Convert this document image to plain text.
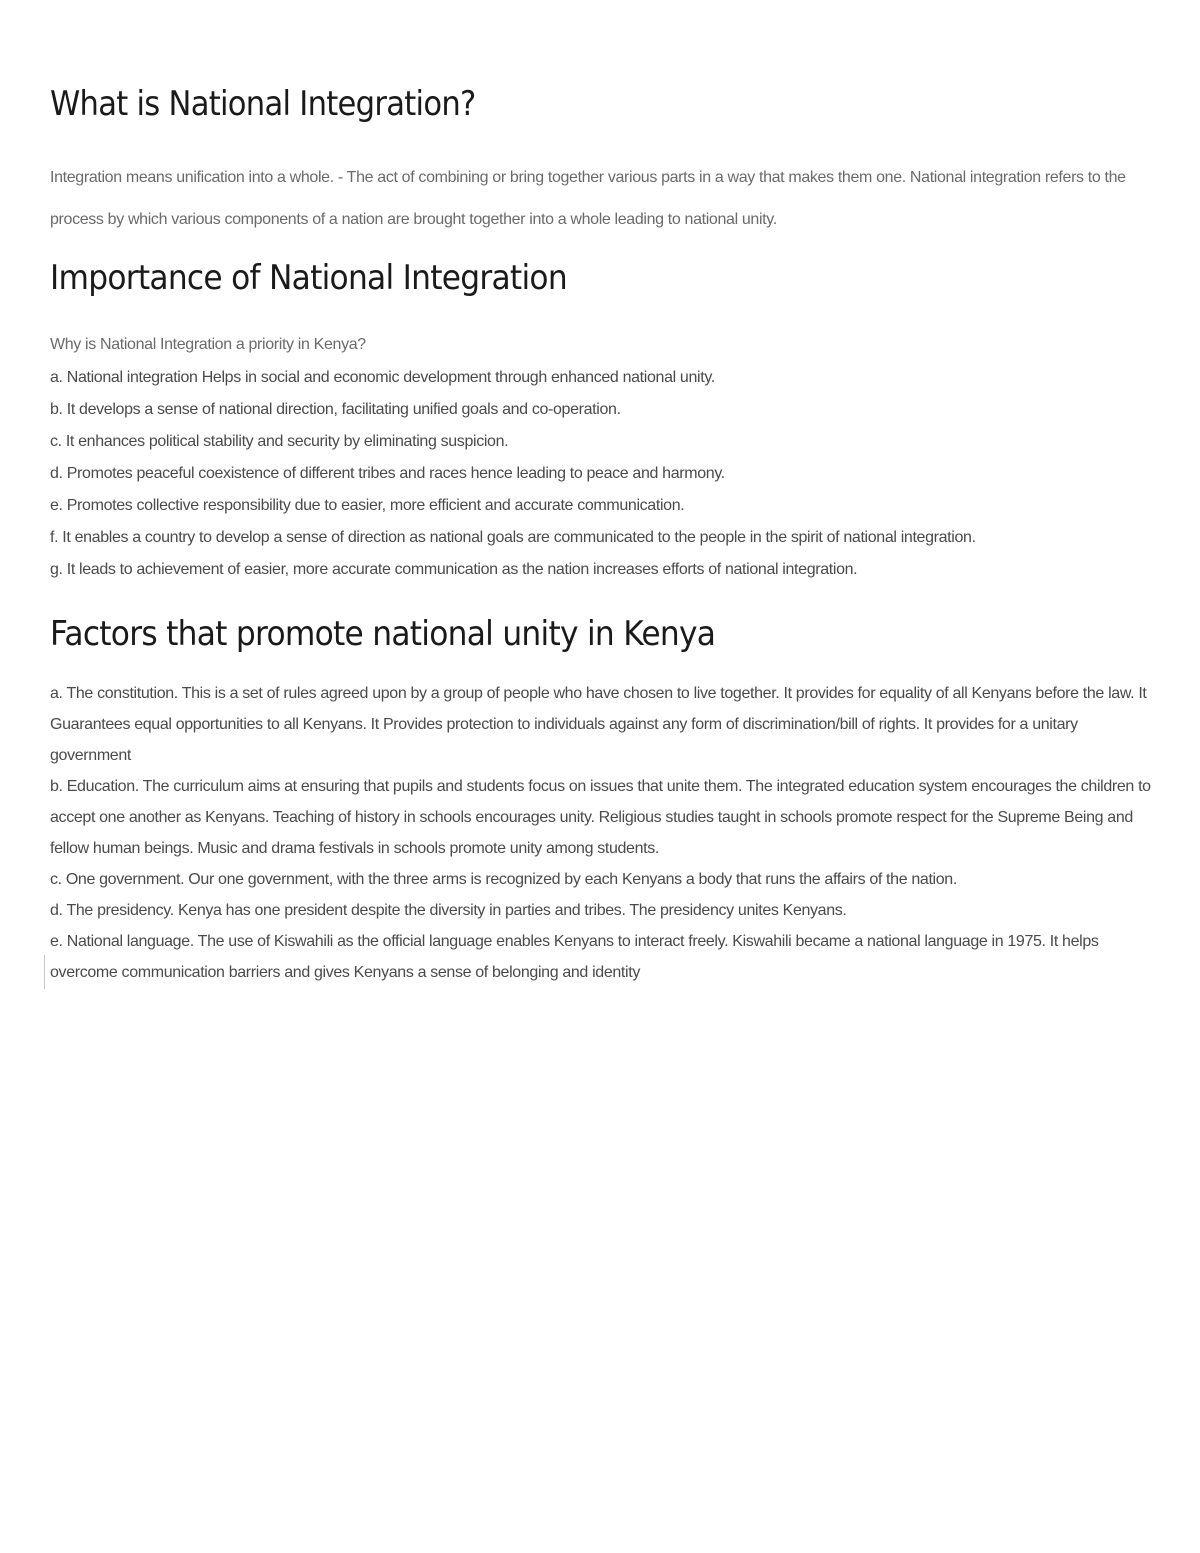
What is National Integration?

Integration means unification into a whole. - The act of combining or bring together various parts in a way that makes them one. National integration refers to the process by which various components of a nation are brought together into a whole leading to national unity.

Importance of National Integration
Why is National Integration a priority in Kenya?
a. National integration Helps in social and economic development through enhanced national unity.
b. It develops a sense of national direction, facilitating unified goals and co-operation.
c. It enhances political stability and security by eliminating suspicion.
d. Promotes peaceful coexistence of different tribes and races hence leading to peace and harmony.
e. Promotes collective responsibility due to easier, more efficient and accurate communication.
f. It enables a country to develop a sense of direction as national goals are communicated to the people in the spirit of national integration.
g. It leads to achievement of easier, more accurate communication as the nation increases efforts of national integration.
Factors that promote national unity in Kenya

a. The constitution. This is a set of rules agreed upon by a group of people who have chosen to live together. It provides for equality of all Kenyans before the law. It Guarantees equal opportunities to all Kenyans. It Provides protection to individuals against any form of discrimination/bill of rights. It provides for a unitary government

b. Education. The curriculum aims at ensuring that pupils and students focus on issues that unite them. The integrated education system encourages the children to accept one another as Kenyans. Teaching of history in schools encourages unity. Religious studies taught in schools promote respect for the Supreme Being and fellow human beings. Music and drama festivals in schools promote unity among students.

c. One government. Our one government, with the three arms is recognized by each Kenyans a body that runs the affairs of the nation.

d. The presidency. Kenya has one president despite the diversity in parties and tribes. The presidency unites Kenyans.

e. National language. The use of Kiswahili as the official language enables Kenyans to interact freely. Kiswahili became a national language in 1975. It helps overcome communication barriers and gives Kenyans a sense of belonging and identity
